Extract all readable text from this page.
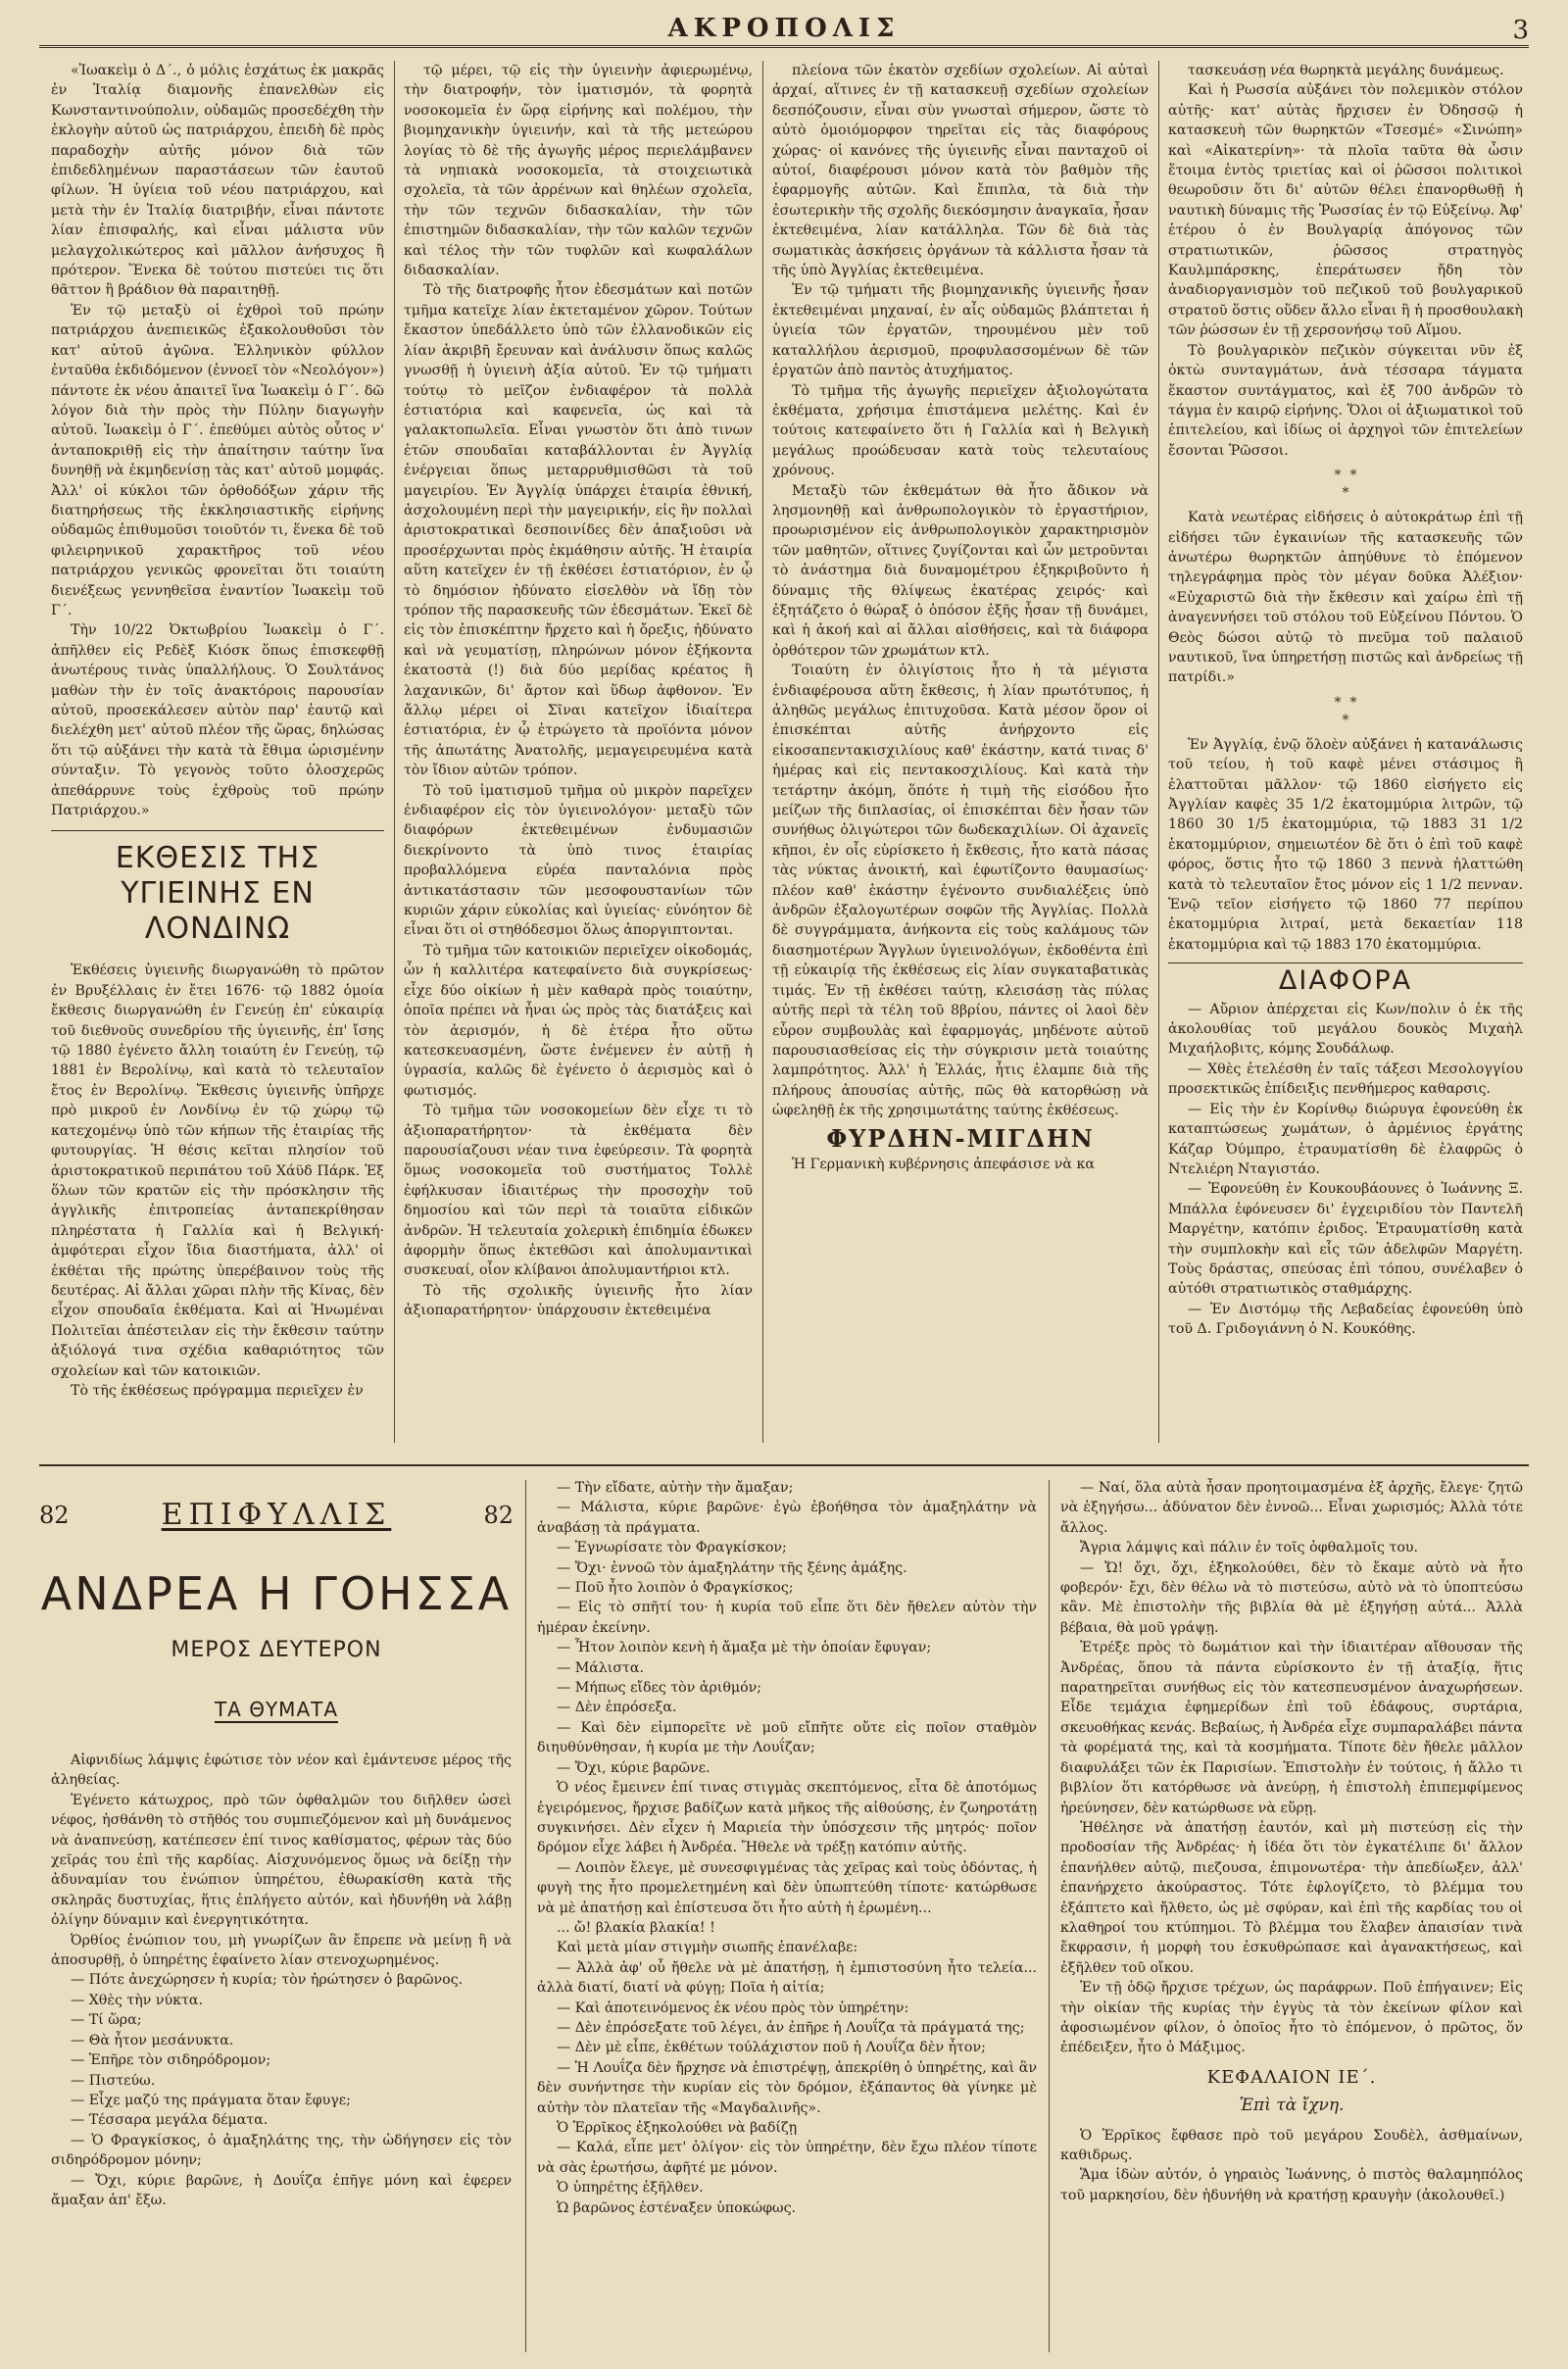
ΑΚΡΟΠΟΛΙΣ	3

«Ἰωακεὶμ ὁ Δ΄., ὁ μόλις ἐσχάτως ἐκ μακρᾶς ἐν Ἰταλίᾳ διαμονῆς ἐπανελθὼν εἰς Κωνσταντινούπολιν, οὐδαμῶς προσεδέχθη τὴν ἐκλογὴν αὐτοῦ ὡς πατριάρχου, ἐπειδὴ δὲ πρὸς παραδοχὴν αὐτῆς μόνον διὰ τῶν ἐπιδεδλημένων παραστάσεων τῶν ἑαυτοῦ φίλων. Ἡ ὑγίεια τοῦ νέου πατριάρχου, καὶ μετὰ τὴν ἐν Ἰταλίᾳ διατριβήν, εἶναι πάντοτε λίαν ἐπισφαλής, καὶ εἶναι μάλιστα νῦν μελαγχολικώτερος καὶ μᾶλλον ἀνήσυχος ἢ πρότερον. Ἕνεκα δὲ τούτου πιστεύει τις ὅτι θᾶττον ἢ βράδιον θὰ παραιτηθῇ.

Ἐν τῷ μεταξὺ οἱ ἐχθροὶ τοῦ πρώην πατριάρχου ἀνεπιεικῶς ἐξακολουθοῦσι τὸν κατ' αὐτοῦ ἀγῶνα. Ἑλληνικὸν φύλλον ἐνταῦθα ἐκδιδόμενον (ἐννοεῖ τὸν «Νεολόγον») πάντοτε ἐκ νέου ἀπαιτεῖ ἵνα Ἰωακεὶμ ὁ Γ΄. δῶ λόγον διὰ τὴν πρὸς τὴν Πύλην διαγωγὴν αὐτοῦ. Ἰωακεὶμ ὁ Γ΄. ἐπεθύμει αὐτὸς οὗτος ν' ἀνταποκριθῇ εἰς τὴν ἀπαίτησιν ταύτην ἵνα δυνηθῇ νὰ ἐκμηδενίσῃ τὰς κατ' αὐτοῦ μομφάς. Ἀλλ' οἱ κύκλοι τῶν ὀρθοδόξων χάριν τῆς διατηρήσεως τῆς ἐκκλησιαστικῆς εἰρήνης οὐδαμῶς ἐπιθυμοῦσι τοιοῦτόν τι, ἕνεκα δὲ τοῦ φιλειρηνικοῦ χαρακτῆρος τοῦ νέου πατριάρχου γενικῶς φρονεῖται ὅτι τοιαύτη διενέξεως γεννηθεῖσα ἐναντίον Ἰωακεὶμ τοῦ Γ΄.

Τὴν 10/22 Ὀκτωβρίου Ἰωακεὶμ ὁ Γ΄. ἀπῆλθεν εἰς Ρεδὲξ Κιόσκ ὅπως ἐπισκεφθῇ ἀνωτέρους τινὰς ὑπαλλήλους. Ὁ Σουλτάνος μαθὼν τὴν ἐν τοῖς ἀνακτόροις παρουσίαν αὐτοῦ, προσεκάλεσεν αὐτὸν παρ' ἑαυτῷ καὶ διελέχθη μετ' αὐτοῦ πλέον τῆς ὥρας, δηλώσας ὅτι τῷ αὐξάνει τὴν κατὰ τὰ ἔθιμα ὡρισμένην σύνταξιν. Τὸ γεγονὸς τοῦτο ὁλοσχερῶς ἀπεθάρρυνε τοὺς ἐχθροὺς τοῦ πρώην Πατριάρχου.»

ΕΚΘΕΣΙΣ ΤΗΣ ΥΓΙΕΙΝΗΣ ΕΝ ΛΟΝΔΙΝΩ

Ἐκθέσεις ὑγιεινῆς διωργανώθη τὸ πρῶτον ἐν Βρυξέλλαις ἐν ἔτει 1676· τῷ 1882 ὁμοία ἔκθεσις διωργανώθη ἐν Γενεύῃ ἐπ' εὐκαιρίᾳ τοῦ διεθνοῦς συνεδρίου τῆς ὑγιεινῆς, ἐπ' ἴσης τῷ 1880 ἐγένετο ἄλλη τοιαύτη ἐν Γενεύῃ, τῷ 1881 ἐν Βερολίνῳ, καὶ κατὰ τὸ τελευταῖον ἔτος ἐν Βερολίνῳ. Ἔκθεσις ὑγιεινῆς ὑπῆρχε πρὸ μικροῦ ἐν Λονδίνῳ ἐν τῷ χώρῳ τῷ κατεχομένῳ ὑπὸ τῶν κήπων τῆς ἑταιρίας τῆς φυτουργίας. Ἡ θέσις κεῖται πλησίον τοῦ ἀριστοκρατικοῦ περιπάτου τοῦ Χάϋδ Πάρκ. Ἐξ ὅλων τῶν κρατῶν εἰς τὴν πρόσκλησιν τῆς ἀγγλικῆς ἐπιτροπείας ἀνταπεκρίθησαν πληρέστατα ἡ Γαλλία καὶ ἡ Βελγική· ἀμφότεραι εἶχον ἴδια διαστήματα, ἀλλ' οἱ ἐκθέται τῆς πρώτης ὑπερέβαινον τοὺς τῆς δευτέρας. Αἱ ἄλλαι χῶραι πλὴν τῆς Κίνας, δὲν εἶχον σπουδαῖα ἐκθέματα. Καὶ αἱ Ἡνωμέναι Πολιτεῖαι ἀπέστειλαν εἰς τὴν ἔκθεσιν ταύτην ἀξιόλογά τινα σχέδια καθαριότητος τῶν σχολείων καὶ τῶν κατοικιῶν.

Τὸ τῆς ἐκθέσεως πρόγραμμα περιεῖχεν ἐν

τῷ μέρει, τῷ εἰς τὴν ὑγιεινὴν ἀφιερωμένῳ, τὴν διατροφήν, τὸν ἱματισμόν, τὰ φορητὰ νοσοκομεῖα ἐν ὥρᾳ εἰρήνης καὶ πολέμου, τὴν βιομηχανικὴν ὑγιεινήν, καὶ τὰ τῆς μετεώρου λογίας τὸ δὲ τῆς ἀγωγῆς μέρος περιελάμβανεν τὰ νηπιακὰ νοσοκομεῖα, τὰ στοιχειωτικὰ σχολεῖα, τὰ τῶν ἀρρένων καὶ θηλέων σχολεῖα, τὴν τῶν τεχνῶν διδασκαλίαν, τὴν τῶν ἐπιστημῶν διδασκαλίαν, τὴν τῶν καλῶν τεχνῶν καὶ τέλος τὴν τῶν τυφλῶν καὶ κωφαλάλων διδασκαλίαν.

Τὸ τῆς διατροφῆς ἦτον ἐδεσμάτων καὶ ποτῶν τμῆμα κατεῖχε λίαν ἐκτεταμένον χῶρον. Τούτων ἔκαστον ὑπεδάλλετο ὑπὸ τῶν ἐλλανοδικῶν εἰς λίαν ἀκριβῆ ἔρευναν καὶ ἀνάλυσιν ὅπως καλῶς γνωσθῇ ἡ ὑγιεινὴ ἀξία αὐτοῦ. Ἐν τῷ τμήματι τούτῳ τὸ μεῖζον ἐνδιαφέρον τὰ πολλὰ ἑστιατόρια καὶ καφενεῖα, ὡς καὶ τὰ γαλακτοπωλεῖα. Εἶναι γνωστὸν ὅτι ἀπὸ τινων ἐτῶν σπουδαῖαι καταβάλλονται ἐν Ἀγγλίᾳ ἐνέργειαι ὅπως μεταρρυθμισθῶσι τὰ τοῦ μαγειρίου. Ἐν Ἀγγλίᾳ ὑπάρχει ἑταιρία ἐθνική, ἀσχολουμένη περὶ τὴν μαγειρικήν, εἰς ἣν πολλαὶ ἀριστοκρατικαὶ δεσποινίδες δὲν ἀπαξιοῦσι νὰ προσέρχωνται πρὸς ἐκμάθησιν αὐτῆς. Ἡ ἑταιρία αὕτη κατεῖχεν ἐν τῇ ἐκθέσει ἑστιατόριον, ἐν ᾧ τὸ δημόσιον ἠδύνατο εἰσελθὸν νὰ ἴδῃ τὸν τρόπον τῆς παρασκευῆς τῶν ἐδεσμάτων. Ἐκεῖ δὲ εἰς τὸν ἐπισκέπτην ἤρχετο καὶ ἡ ὄρεξις, ἠδύνατο καὶ νὰ γευματίσῃ, πληρώνων μόνον ἑξήκοντα ἑκατοστὰ (!) διὰ δύο μερίδας κρέατος ἢ λαχανικῶν, δι' ἄρτον καὶ ὕδωρ ἀφθονον. Ἐν ἄλλῳ μέρει οἱ Σῖναι κατεῖχον ἰδιαίτερα ἑστιατόρια, ἐν ᾧ ἐτρώγετο τὰ προϊόντα μόνον τῆς ἀπωτάτης Ἀνατολῆς, μεμαγειρευμένα κατὰ τὸν ἴδιον αὐτῶν τρόπον.

Τὸ τοῦ ἱματισμοῦ τμῆμα οὐ μικρὸν παρεῖχεν ἐνδιαφέρον εἰς τὸν ὑγιεινολόγον· μεταξὺ τῶν διαφόρων ἐκτεθειμένων ἐνδυμασιῶν διεκρίνοντο τὰ ὑπὸ τινος ἑταιρίας προβαλλόμενα εὐρέα πανταλόνια πρὸς ἀντικατάστασιν τῶν μεσοφουστανίων τῶν κυριῶν χάριν εὐκολίας καὶ ὑγιείας· εὐνόητον δὲ εἶναι ὅτι οἱ στηθόδεσμοι ὅλως ἀποργιπτονται.

Τὸ τμῆμα τῶν κατοικιῶν περιεῖχεν οἰκοδομάς, ὧν ἡ καλλιτέρα κατεφαίνετο διὰ συγκρίσεως· εἶχε δύο οἰκίων ἡ μὲν καθαρὰ πρὸς τοιαύτην, ὁποῖα πρέπει νὰ ἦναι ὡς πρὸς τὰς διατάξεις καὶ τὸν ἀερισμόν, ἡ δὲ ἑτέρα ἦτο οὕτω κατεσκευασμένη, ὥστε ἐνέμενεν ἐν αὐτῇ ἡ ὑγρασία, καλῶς δὲ ἐγένετο ὁ ἀερισμὸς καὶ ὁ φωτισμός.

Τὸ τμῆμα τῶν νοσοκομείων δὲν εἶχε τι τὸ ἀξιοπαρατήρητον· τὰ ἐκθέματα δὲν παρουσίαζουσι νέαν τινα ἐφεύρεσιν. Τὰ φορητὰ ὅμως νοσοκομεῖα τοῦ συστήματος Τολλὲ ἐφήλκυσαν ἰδιαιτέρως τὴν προσοχὴν τοῦ δημοσίου καὶ τῶν περὶ τὰ τοιαῦτα εἰδικῶν ἀνδρῶν. Ἡ τελευταία χολερικὴ ἐπιδημία ἐδωκεν ἀφορμὴν ὅπως ἐκτεθῶσι καὶ ἀπολυμαντικαὶ συσκευαί, οἷον κλίβανοι ἀπολυμαντήριοι κτλ.

Τὸ τῆς σχολικῆς ὑγιεινῆς ἦτο λίαν ἀξιοπαρατήρητον· ὑπάρχουσιν ἐκτεθειμένα

πλείονα τῶν ἑκατὸν σχεδίων σχολείων. Αἱ αὐταὶ ἀρχαί, αἵτινες ἐν τῇ κατασκευῇ σχεδίων σχολείων δεσπόζουσιν, εἶναι σὺν γνωσταὶ σήμερον, ὥστε τὸ αὐτὸ ὁμοιόμορφον τηρεῖται εἰς τὰς διαφόρους χώρας· οἱ κανόνες τῆς ὑγιεινῆς εἶναι πανταχοῦ οἱ αὐτοί, διαφέρουσι μόνον κατὰ τὸν βαθμὸν τῆς ἐφαρμογῆς αὐτῶν. Καὶ ἔπιπλα, τὰ διὰ τὴν ἐσωτερικὴν τῆς σχολῆς διεκόσμησιν ἀναγκαῖα, ἦσαν ἐκτεθειμένα, λίαν κατάλληλα. Τῶν δὲ διὰ τὰς σωματικὰς ἀσκήσεις ὀργάνων τὰ κάλλιστα ἦσαν τὰ τῆς ὑπὸ Ἀγγλίας ἐκτεθειμένα.

Ἐν τῷ τμήματι τῆς βιομηχανικῆς ὑγιεινῆς ἦσαν ἐκτεθειμέναι μηχαναί, ἐν αἷς οὐδαμῶς βλάπτεται ἡ ὑγιεία τῶν ἐργατῶν, τηρουμένου μὲν τοῦ καταλλήλου ἀερισμοῦ, προφυλασσομένων δὲ τῶν ἐργατῶν ἀπὸ παντὸς ἀτυχήματος.

Τὸ τμῆμα τῆς ἀγωγῆς περιεῖχεν ἀξιολογώτατα ἐκθέματα, χρήσιμα ἐπιστάμενα μελέτης. Καὶ ἐν τούτοις κατεφαίνετο ὅτι ἡ Γαλλία καὶ ἡ Βελγικὴ μεγάλως προώδευσαν κατὰ τοὺς τελευταίους χρόνους.

Μεταξὺ τῶν ἐκθεμάτων θὰ ἦτο ἄδικον νὰ λησμονηθῇ καὶ ἀνθρωπολογικὸν τὸ ἐργαστήριον, προωρισμένον εἰς ἀνθρωπολογικὸν χαρακτηρισμὸν τῶν μαθητῶν, οἵτινες ζυγίζονται καὶ ὧν μετροῦνται τὸ ἀνάστημα διὰ δυναμομέτρου ἐξηκριβοῦντο ἡ δύναμις τῆς θλίψεως ἑκατέρας χειρός· καὶ ἐξητάζετο ὁ θώραξ ὁ ὁπόσον ἐξῆς ἧσαν τῇ δυνάμει, καὶ ἡ ἀκοή καὶ αἱ ἄλλαι αἰσθήσεις, καὶ τὰ διάφορα ὀρθότερον τῶν χρωμάτων κτλ.

Τοιαύτη ἐν ὀλιγίστοις ἦτο ἡ τὰ μέγιστα ἐνδιαφέρουσα αὕτη ἔκθεσις, ἡ λίαν πρωτότυπος, ἡ ἀληθῶς μεγάλως ἐπιτυχοῦσα. Κατὰ μέσον ὅρον οἱ ἐπισκέπται αὐτῆς ἀνήρχοντο εἰς εἰκοσαπεντακισχιλίους καθ' ἑκάστην, κατά τινας δ' ἡμέρας καὶ εἰς πεντακοσχιλίους. Καὶ κατὰ τὴν τετάρτην ἀκόμη, ὅπότε ἡ τιμὴ τῆς εἰσόδου ἦτο μείζων τῆς διπλασίας, οἱ ἐπισκέπται δὲν ἦσαν τῶν συνήθως ὀλιγώτεροι τῶν δωδεκαχιλίων. Οἱ ἀχανεῖς κῆποι, ἐν οἷς εὑρίσκετο ἡ ἔκθεσις, ἦτο κατὰ πάσας τὰς νύκτας ἀνοικτή, καὶ ἐφωτίζοντο θαυμασίως· πλέον καθ' ἑκάστην ἐγένοντο συνδιαλέξεις ὑπὸ ἀνδρῶν ἐξαλογωτέρων σοφῶν τῆς Ἀγγλίας. Πολλὰ δὲ συγγράμματα, ἀνήκοντα εἰς τοὺς καλάμους τῶν διασημοτέρων Ἄγγλων ὑγιεινολόγων, ἐκδοθέντα ἐπὶ τῇ εὐκαιρίᾳ τῆς ἐκθέσεως εἰς λίαν συγκαταβατικὰς τιμάς. Ἐν τῇ ἐκθέσει ταύτῃ, κλεισάσῃ τὰς πύλας αὐτῆς περὶ τὰ τέλη τοῦ 8βρίου, πάντες οἱ λαοὶ δὲν εὗρον συμβουλὰς καὶ ἐφαρμογάς, μηδένοτε αὐτοῦ παρουσιασθείσας εἰς τὴν σύγκρισιν μετὰ τοιαύτης λαμπρότητος. Ἀλλ' ἡ Ἑλλάς, ἧτις ἐλαμπε διὰ τῆς πλήρους ἀπουσίας αὐτῆς, πῶς θὰ κατορθώσῃ νὰ ὠφεληθῇ ἐκ τῆς χρησιμωτάτης ταύτης ἐκθέσεως.

ΦΥΡΔΗΝ-ΜΙΓΔΗΝ

Ἡ Γερμανικὴ κυβέρνησις ἀπεφάσισε νὰ κα

τασκευάσῃ νέα θωρηκτὰ μεγάλης δυνάμεως.

Καὶ ἡ Ρωσσία αὐξάνει τὸν πολεμικὸν στόλον αὐτῆς· κατ' αὐτὰς ἤρχισεν ἐν Ὀδησσῷ ἡ κατασκευὴ τῶν θωρηκτῶν «Τσεσμέ» «Σινώπη» καὶ «Αἰκατερίνη»· τὰ πλοῖα ταῦτα θὰ ὦσιν ἕτοιμα ἐντὸς τριετίας καὶ οἱ ῥῶσσοι πολιτικοὶ θεωροῦσιν ὅτι δι' αὐτῶν θέλει ἐπανορθωθῇ ἡ ναυτικὴ δύναμις τῆς Ῥωσσίας ἐν τῷ Εὐξείνῳ. Ἀφ' ἑτέρου ὁ ἐν Βουλγαρίᾳ ἀπόγονος τῶν στρατιωτικῶν, ῥῶσσος στρατηγὸς Καυλμπάρσκης, ἐπεράτωσεν ἤδη τὸν ἀναδιοργανισμὸν τοῦ πεζικοῦ τοῦ βουλγαρικοῦ στρατοῦ ὅστις οὕδεν ἄλλο εἶναι ἢ ἡ προσθουλακὴ τῶν ῥώσσων ἐν τῇ χερσονήσῳ τοῦ Αἵμου.

Τὸ βουλγαρικὸν πεζικὸν σύγκειται νῦν ἐξ ὀκτὼ συνταγμάτων, ἀνὰ τέσσαρα τάγματα ἕκαστον συντάγματος, καὶ ἐξ 700 ἀνδρῶν τὸ τάγμα ἐν καιρῷ εἰρήνης. Ὅλοι οἱ ἀξιωματικοὶ τοῦ ἐπιτελείου, καὶ ἰδίως οἱ ἀρχηγοὶ τῶν ἐπιτελείων ἔσονται Ῥῶσσοι.

*  *
*

Κατὰ νεωτέρας εἰδήσεις ὁ αὐτοκράτωρ ἐπὶ τῇ εἰδήσει τῶν ἐγκαινίων τῆς κατασκευῆς τῶν ἀνωτέρω θωρηκτῶν ἀπηύθυνε τὸ ἑπόμενον τηλεγράφημα πρὸς τὸν μέγαν δοῦκα Ἀλέξιον· «Εὐχαριστῶ διὰ τὴν ἔκθεσιν καὶ χαίρω ἐπὶ τῇ ἀναγεννήσει τοῦ στόλου τοῦ Εὐξείνου Πόντου. Ὁ Θεὸς δώσοι αὐτῷ τὸ πνεῦμα τοῦ παλαιοῦ ναυτικοῦ, ἵνα ὑπηρετήσῃ πιστῶς καὶ ἀνδρείως τῇ πατρίδι.»

*  *
*

Ἐν Ἀγγλίᾳ, ἐνῷ ὅλοὲν αὐξάνει ἡ κατανάλωσις τοῦ τείου, ἡ τοῦ καφὲ μένει στάσιμος ἢ ἐλαττοῦται μᾶλλον· τῷ 1860 εἰσήγετο εἰς Ἀγγλίαν καφὲς 35 1/2 ἑκατομμύρια λιτρῶν, τῷ 1860 30 1/5 ἑκατομμύρια, τῷ 1883 31 1/2 ἑκατομμύριον, σημειωτέον δὲ ὅτι ὁ ἐπὶ τοῦ καφὲ φόρος, ὅστις ἦτο τῷ 1860 3 πεννὰ ἠλαττώθη κατὰ τὸ τελευταῖον ἔτος μόνον εἰς 1 1/2 πενναν. Ἐνῷ τεῖον εἰσήγετο τῷ 1860 77 περίπου ἑκατομμύρια λιτραί, μετὰ δεκαετίαν 118 ἑκατομμύρια καὶ τῷ 1883 170 ἑκατομμύρια.

ΔΙΑΦΟΡΑ

— Αὔριον ἀπέρχεται εἰς Κων/πολιν ὁ ἐκ τῆς ἀκολουθίας τοῦ μεγάλου δουκὸς Μιχαὴλ Μιχαήλοβιτς, κόμης Σουδάλωφ.

— Χθὲς ἐτελέσθη ἐν ταῖς τάξεσι Μεσολογγίου προσεκτικῶς ἐπίδειξις πενθήμερος καθαρσις.

— Εἰς τὴν ἐν Κορίνθῳ διώρυγα ἐφονεύθη ἐκ καταπτώσεως χωμάτων, ὁ ἀρμένιος ἐργάτης Κάζαρ Ὀύμπρο, ἐτραυματίσθη δὲ ἐλαφρῶς ὁ Ντελιέρη Νταγιστάο.

— Ἐφονεύθη ἐν Κουκουβάουνες ὁ Ἰωάννης Ξ. Μπάλλα ἐφόνευσεν δι' ἐγχειριδίου τὸν Παντελῆ Μαργέτην, κατόπιν ἐριδος. Ἐτραυματίσθη κατὰ τὴν συμπλοκὴν καὶ εἷς τῶν ἀδελφῶν Μαργέτη. Τοὺς δράστας, σπεύσας ἐπὶ τόπου, συνέλαβεν ὁ αὐτόθι στρατιωτικὸς σταθμάρχης.

— Ἐν Διστόμῳ τῆς Λεβαδείας ἐφονεύθη ὑπὸ τοῦ Δ. Γριδογιάννη ὁ Ν. Κουκόθης.

82	ΕΠΙΦΥΛΛΙΣ	82
ΑΝΔΡΕΑ Η ΓΟΗΣΣΑ
ΜΕΡΟΣ ΔΕΥΤΕΡΟΝ
ΤΑ ΘΥΜΑΤΑ

Αἰφνιδίως λάμψις ἐφώτισε τὸν νέον καὶ ἐμάντευσε μέρος τῆς ἀληθείας.

Ἐγένετο κάτωχρος, πρὸ τῶν ὀφθαλμῶν του διῆλθεν ὡσεὶ νέφος, ἠσθάνθη τὸ στῆθός του συμπιεζόμενον καὶ μὴ δυνάμενος νὰ ἀναπνεύσῃ, κατέπεσεν ἐπί τινος καθίσματος, φέρων τὰς δύο χεῖράς του ἐπὶ τῆς καρδίας. Αἰσχυνόμενος ὅμως νὰ δείξῃ τὴν ἀδυναμίαν του ἐνώπιον ὑπηρέτου, ἐθωρακίσθη κατὰ τῆς σκληρᾶς δυστυχίας, ἥτις ἐπλήγετο αὐτόν, καὶ ἠδυνήθη νὰ λάβῃ ὀλίγην δύναμιν καὶ ἐνεργητικότητα.

Ὀρθίος ἐνώπιον του, μὴ γνωρίζων ἂν ἔπρεπε νὰ μείνῃ ἢ νὰ ἀποσυρθῇ, ὁ ὑπηρέτης ἐφαίνετο λίαν στενοχωρημένος.

— Πότε ἀνεχώρησεν ἡ κυρία; τὸν ἠρώτησεν ὁ βαρῶνος.

— Χθὲς τὴν νύκτα.

— Τί ὥρα;

— Θὰ ἦτον μεσάνυκτα.

— Ἐπῆρε τὸν σιδηρόδρομον;

— Πιστεύω.

— Εἶχε μαζύ της πράγματα ὅταν ἔφυγε;

— Τέσσαρα μεγάλα δέματα.

— Ὁ Φραγκίσκος, ὁ ἀμαξηλάτης της, τὴν ὡδήγησεν εἰς τὸν σιδηρόδρομον μόνην;

— Ὄχι, κύριε βαρῶνε, ἡ Δουΐζα ἐπῆγε μόνη καὶ ἐφερεν ἄμαξαν ἀπ' ἔξω.

— Τὴν εἴδατε, αὐτὴν τὴν ἄμαξαν;

— Μάλιστα, κύριε βαρῶνε· ἐγὼ ἐβοήθησα τὸν ἀμαξηλάτην νὰ ἀναβάσῃ τὰ πράγματα.

— Ἐγνωρίσατε τὸν Φραγκίσκον;

— Ὄχι· ἐννοῶ τὸν ἀμαξηλάτην τῆς ξένης ἀμάξης.

— Ποῦ ἦτο λοιπὸν ὁ Φραγκίσκος;

— Εἰς τὸ σπῆτί του· ἡ κυρία τοῦ εἶπε ὅτι δὲν ἤθελεν αὐτὸν τὴν ἡμέραν ἐκείνην.

— Ἦτον λοιπὸν κενὴ ἡ ἄμαξα μὲ τὴν ὁποίαν ἔφυγαν;

— Μάλιστα.

— Μήπως εἴδες τὸν ἀριθμόν;

— Δὲν ἐπρόσεξα.

— Καὶ δὲν εἰμπορεῖτε νὲ μοῦ εἴπῆτε οὔτε εἰς ποῖον σταθμὸν διηυθύνθησαν, ἡ κυρία με τὴν Λουΐζαν;

— Ὄχι, κύριε βαρῶνε.

Ὁ νέος ἔμεινεν ἐπί τινας στιγμὰς σκεπτόμενος, εἶτα δὲ ἀποτόμως ἐγειρόμενος, ἤρχισε βαδίζων κατὰ μῆκος τῆς αἰθούσης, ἐν ζωηροτάτῃ συγκινήσει. Δὲν εἶχεν ἡ Μαριεία τὴν ὑπόσχεσιν τῆς μητρός· ποῖον δρόμον εἶχε λάβει ἡ Ἀνδρέα. Ἤθελε νὰ τρέξῃ κατόπιν αὐτῆς.

— Λοιπὸν ἔλεγε, μὲ συνεσφιγμένας τὰς χεῖρας καὶ τοὺς ὀδόντας, ἡ φυγὴ της ἦτο προμελετημένη καὶ δὲν ὑπωπτεύθη τίποτε· κατώρθωσε νὰ μὲ ἀπατήσῃ καὶ ἐπίστευσα ὅτι ἦτο αὐτὴ ἡ ἐρωμένη...

... ὤ! βλακία βλακία! !

Καὶ μετὰ μίαν στιγμὴν σιωπῆς ἐπανέλαβε:

— Ἀλλὰ ἀφ' οὗ ἤθελε νὰ μὲ ἀπατήσῃ, ἡ ἐμπιστοσύνη ἦτο τελεία... ἀλλὰ διατί, διατί νὰ φύγῃ; Ποῖα ἡ αἰτία;

— Καὶ ἀποτεινόμενος ἐκ νέου πρὸς τὸν ὑπηρέτην:

— Δὲν ἐπρόσεξατε τοῦ λέγει, ἀν ἐπῆρε ἡ Λουΐζα τὰ πράγματά της;

— Δὲν μὲ εἶπε, ἐκθέτων τούλάχιστον ποῦ ἡ Λουΐζα δὲν ἦτον;

— Ἡ Λουΐζα δὲν ἤρχησε νὰ ἐπιστρέψῃ, ἀπεκρίθη ὁ ὑπηρέτης, καὶ ἂν δὲν συνήντησε τὴν κυρίαν εἰς τὸν δρόμον, ἐξάπαντος θὰ γίνηκε μὲ αὐτὴν τὸν πλατεῖαν τῆς «Μαγδαλινῆς».

Ὁ Ἐρρῖκος ἐξηκολούθει νὰ βαδίζῃ

— Καλά, εἶπε μετ' ὀλίγον· εἰς τὸν ὑπηρέτην, δὲν ἔχω πλέον τίποτε νὰ σὰς ἐρωτήσω, ἀφῆτέ με μόνον.

Ὁ ὑπηρέτης ἐξῆλθεν.

Ὡ βαρῶνος ἐστέναξεν ὑποκώφως.

— Ναί, ὅλα αὐτὰ ἦσαν προητοιμασμένα ἐξ ἀρχῆς, ἔλεγε· ζητῶ νὰ ἐξηγήσω... ἀδύνατον δὲν ἐννοῶ... Εἶναι χωρισμός; Ἀλλὰ τότε ἄλλος.

Ἄγρια λάμψις καὶ πάλιν ἐν τοῖς ὀφθαλμοῖς του.

— Ὤ! ὄχι, ὄχι, ἐξηκολούθει, δὲν τὸ ἔκαμε αὐτὸ νὰ ἦτο φοβερόν· ἔχι, δὲν θέλω νὰ τὸ πιστεύσω, αὐτὸ νὰ τὸ ὑποπτεύσω κἂν. Μὲ ἐπιστολὴν τῆς βιβλία θὰ μὲ ἐξηγήσῃ αὐτά... Ἀλλὰ βέβαια, θὰ μοῦ γράψῃ.

Ἐτρέξε πρὸς τὸ δωμάτιον καὶ τὴν ἰδιαιτέραν αἴθουσαν τῆς Ἀνδρέας, ὅπου τὰ πάντα εὑρίσκοντο ἐν τῇ ἀταξίᾳ, ἥτις παρατηρεῖται συνήθως εἰς τὸν κατεσπευσμένον ἀναχωρήσεων. Εἶδε τεμάχια ἐφημερίδων ἐπὶ τοῦ ἐδάφους, συρτάρια, σκευοθήκας κενάς. Βεβαίως, ἡ Ἀνδρέα εἶχε συμπαραλάβει πάντα τὰ φορέματά της, καὶ τὰ κοσμήματα. Τίποτε δὲν ἤθελε μᾶλλον διαφυλάξει τῶν ἐκ Παρισίων. Ἐπιστολὴν ἐν τούτοις, ἡ ἄλλο τι βιβλίον ὅτι κατόρθωσε νὰ ἀνεύρῃ, ἡ ἐπιστολὴ ἐπιπεμφίμενος ἠρεύνησεν, δὲν κατώρθωσε νὰ εὕρῃ.

Ἠθέλησε νὰ ἀπατήσῃ ἑαυτόν, καὶ μὴ πιστεύσῃ εἰς τὴν προδοσίαν τῆς Ἀνδρέας· ἡ ἰδέα ὅτι τὸν ἐγκατέλιπε δι' ἄλλον ἐπανήλθεν αὐτῷ, πιεζουσα, ἐπιμονωτέρα· τὴν ἀπεδίωξεν, ἀλλ' ἐπανήρχετο ἀκούραστος. Τότε ἐφλογίζετο, τὸ βλέμμα του ἐξάπτετο καὶ ἤλθετο, ὡς μὲ σφύραν, καὶ ἐπὶ τῆς καρδίας του οἱ κλαθηροί του κτύπημοι. Τὸ βλέμμα του ἔλαβεν ἀπαισίαν τινὰ ἔκφρασιν, ἡ μορφὴ του ἐσκυθρώπασε καὶ ἀγανακτήσεως, καὶ ἐξῆλθεν τοῦ οἴκου.

Ἐν τῇ ὁδῷ ἤρχισε τρέχων, ὡς παράφρων. Ποῦ ἐπήγαινεν; Εἰς τὴν οἰκίαν τῆς κυρίας τὴν ἐγγὺς τὰ τὸν ἐκείνων φίλον καὶ ἀφοσιωμένον φίλον, ὁ ὁποῖος ἦτο τὸ ἑπόμενον, ὁ πρῶτος, ὅν ἐπέδειξεν, ἦτο ὁ Μάξιμος.

ΚΕΦΑΛΑΙΟΝ ΙΕ΄.
Ἐπὶ τὰ ἴχνη.

Ὁ Ἐρρῖκος ἔφθασε πρὸ τοῦ μεγάρου Σουδὲλ, ἀσθμαίνων, καθιδρως.

Ἅμα ἰδὼν αὐτόν, ὁ γηραιὸς Ἰωάννης, ὁ πιστὸς θαλαμηπόλος τοῦ μαρκησίου, δὲν ἠδυνήθη νὰ κρατήσῃ κραυγὴν (ἀκολουθεῖ.)
